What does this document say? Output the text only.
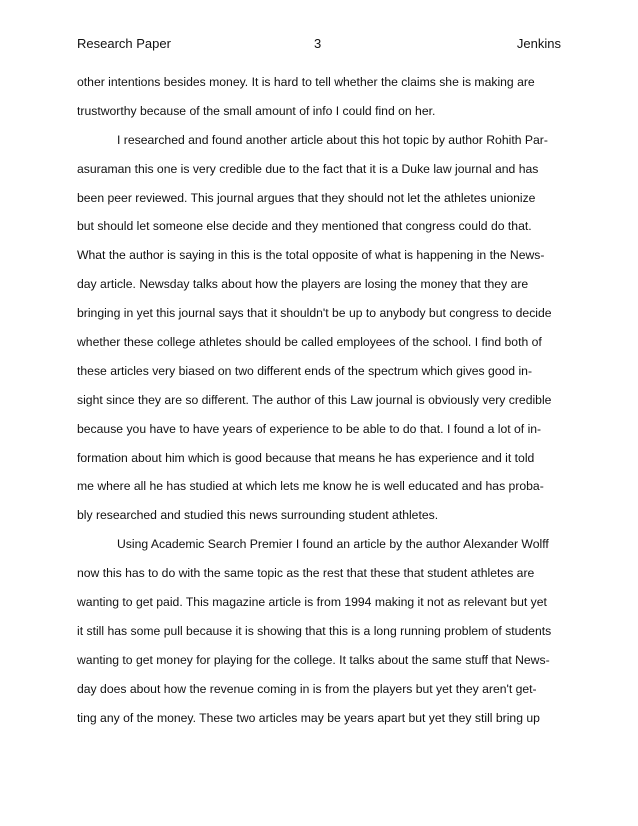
Research Paper	3	Jenkins
other intentions besides money. It is hard to tell whether the claims she is making are
trustworthy because of the small amount of info I could find on her.
I researched and found another article about this hot topic by author Rohith Par-
asuraman this one is very credible due to the fact that it is a Duke law journal and has
been peer reviewed. This journal argues that they should not let the athletes unionize
but should let someone else decide and they mentioned that congress could do that.
What the author is saying in this is the total opposite of what is happening in the News-
day article. Newsday talks about how the players are losing the money that they are
bringing in yet this journal says that it shouldn't be up to anybody but congress to decide
whether these college athletes should be called employees of the school. I find both of
these articles very biased on two different ends of the spectrum which gives good in-
sight since they are so different. The author of this Law journal is obviously very credible
because you have to have years of experience to be able to do that. I found a lot of in-
formation about him which is good because that means he has experience and it told
me where all he has studied at which lets me know he is well educated and has proba-
bly researched and studied this news surrounding student athletes.
Using Academic Search Premier I found an article by the author Alexander Wolff
now this has to do with the same topic as the rest that these that student athletes are
wanting to get paid. This magazine article is from 1994 making it not as relevant but yet
it still has some pull because it is showing that this is a long running problem of students
wanting to get money for playing for the college. It talks about the same stuff that News-
day does about how the revenue coming in is from the players but yet they aren't get-
ting any of the money. These two articles may be years apart but yet they still bring up
